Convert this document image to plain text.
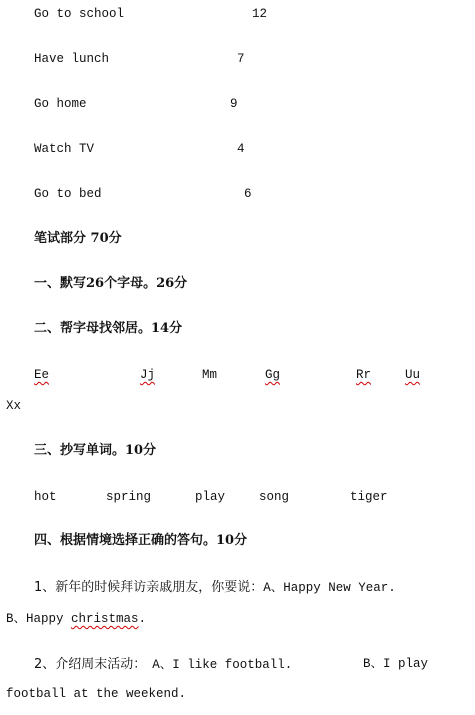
Go to school	12
Have lunch	7
Go home	9
Watch TV	4
Go to bed	6
笔试部分 70分
一、默写26个字母。26分
二、帮字母找邻居。14分
Ee	Jj	Mm	Gg	Rr	Uu
Xx
三、抄写单词。10分
hot	spring	play	song	tiger
四、根据情境选择正确的答句。10分
1、新年的时候拜访亲戚朋友，你要说：A、Happy New Year.
B、Happy christmas.
2、介绍周末活动： A、I like football.	B、I play
football at the weekend.
